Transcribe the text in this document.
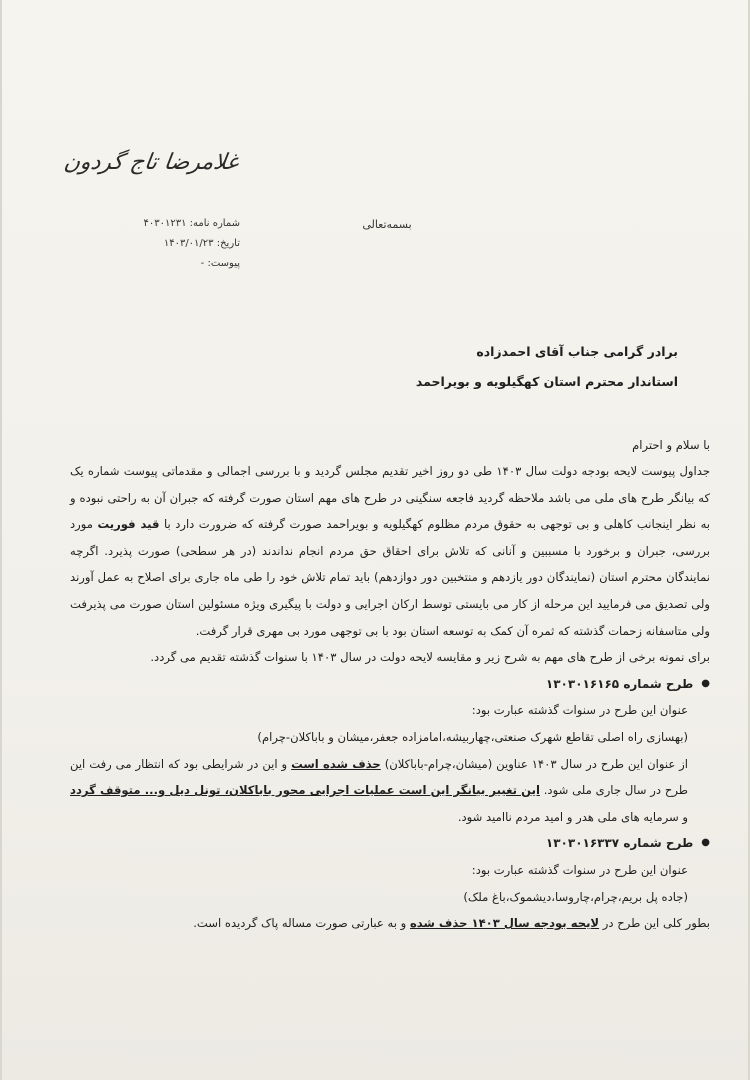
غلامرضا تاج گردون
بسمه‌تعالی
شماره نامه: ۴۰۳۰۱۲۳۱
تاریخ: ۱۴۰۳/۰۱/۲۳
پیوست: -
برادر گرامی جناب آقای احمدزاده
استاندار محترم استان کهگیلویه و بویراحمد

با سلام و احترام

جداول پیوست لایحه بودجه دولت سال ۱۴۰۳ طی دو روز اخیر تقدیم مجلس گردید و با بررسی اجمالی و مقدماتی پیوست شماره یک که بیانگر طرح های ملی می باشد ملاحظه گردید فاجعه سنگینی در طرح های مهم استان صورت گرفته که جبران آن به راحتی نبوده و به نظر اینجانب کاهلی و بی توجهی به حقوق مردم مظلوم کهگیلویه و بویراحمد صورت گرفته که ضرورت دارد با قید فوریت مورد بررسی، جبران و برخورد با مسببین و آنانی که تلاش برای احقاق حق مردم انجام نداندند (در هر سطحی) صورت پذیرد. اگرچه نمایندگان محترم استان (نمایندگان دور یازدهم و منتخبین دور دوازدهم) باید تمام تلاش خود را طی ماه جاری برای اصلاح به عمل آورند ولی تصدیق می فرمایید این مرحله از کار می بایستی توسط ارکان اجرایی و دولت با پیگیری ویژه مسئولین استان صورت می پذیرفت ولی متاسفانه زحمات گذشته که ثمره آن کمک به توسعه استان بود با بی توجهی مورد بی مهری قرار گرفت.

برای نمونه برخی از طرح های مهم به شرح زیر و مقایسه لایحه دولت در سال ۱۴۰۳ با سنوات گذشته تقدیم می گردد.

●
طرح شماره ۱۳۰۳۰۱۶۱۶۵

عنوان این طرح در سنوات گذشته عبارت بود:

(بهسازی راه اصلی تقاطع شهرک صنعتی،چهاربیشه،امامزاده جعفر،میشان و باباکلان-چرام)

از عنوان این طرح در سال ۱۴۰۳ عناوین (میشان،چرام-باباکلان) حذف شده است و این در شرایطی بود که انتظار می رفت این طرح در سال جاری ملی شود. این تغییر بیانگر این است عملیات اجرایی محور باباکلان، تونل دیل و... متوقف گردد و سرمایه های ملی هدر و امید مردم ناامید شود.

●
طرح شماره ۱۳۰۳۰۱۶۳۳۷

عنوان این طرح در سنوات گذشته عبارت بود:

(جاده پل بریم،چرام،چاروسا،دیشموک،باغ ملک)

بطور کلی این طرح در لایحه بودجه سال ۱۴۰۳ حذف شده و به عبارتی صورت مساله پاک گردیده است.
